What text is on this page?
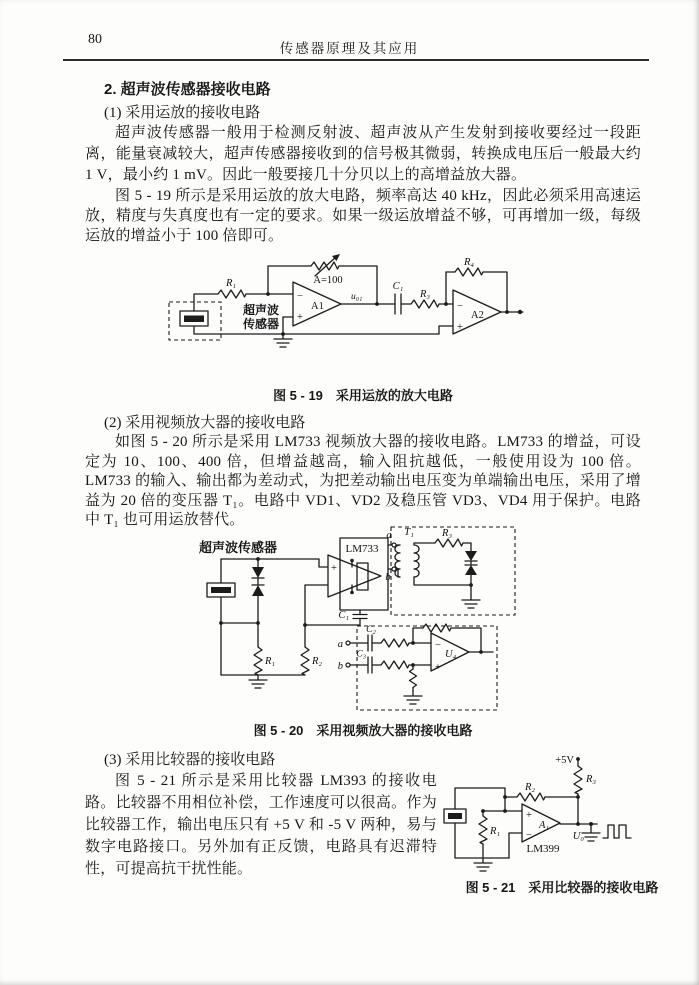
80
传感器原理及其应用
2. 超声波传感器接收电路
(1) 采用运放的接收电路
超声波传感器一般用于检测反射波、超声波从产生发射到接收要经过一段距离，能量衰减较大，超声传感器接收到的信号极其微弱，转换成电压后一般最大约 1 V，最小约 1 mV。因此一般要接几十分贝以上的高增益放大器。
图 5 - 19 所示是采用运放的放大电路，频率高达 40 kHz，因此必须采用高速运放，精度与失真度也有一定的要求。如果一级运放增益不够，可再增加一级，每级运放的增益小于 100 倍即可。
R₁	A=100
超声波
传感器
−
+
A1
u₀₁
C₁
R₃
R₄
−
+
A2
图 5 - 19　采用运放的放大电路
(2) 采用视频放大器的接收电路
如图 5 - 20 所示是采用 LM733 视频放大器的接收电路。LM733 的增益，可设定为 10、100、400 倍，但增益越高，输入阻抗越低，一般使用设为 100 倍。LM733 的输入、输出都为差动式，为把差动输出电压变为单端输出电压，采用了增益为 20 倍的变压器 T₁。电路中 VD1、VD2 及稳压管 VD3、VD4 用于保护。电路中 T₁ 也可用运放替代。
超声波传感器
R₁	R₂
+
LM733
C₁
a
b
T₁	R₃
a
b
C₂
C₃
−
+
U₄
图 5 - 20　采用视频放大器的接收电路
(3) 采用比较器的接收电路
图 5 - 21 所示是采用比较器 LM393 的接收电路。比较器不用相位补偿，工作速度可以很高。作为比较器工作，输出电压只有 +5 V 和 -5 V 两种，易与数字电路接口。另外加有正反馈，电路具有迟滞特性，可提高抗干扰性能。
R₂
+5V
R₃
R₁
+
−
A₁
LM399
U₀
图 5 - 21　采用比较器的接收电路
